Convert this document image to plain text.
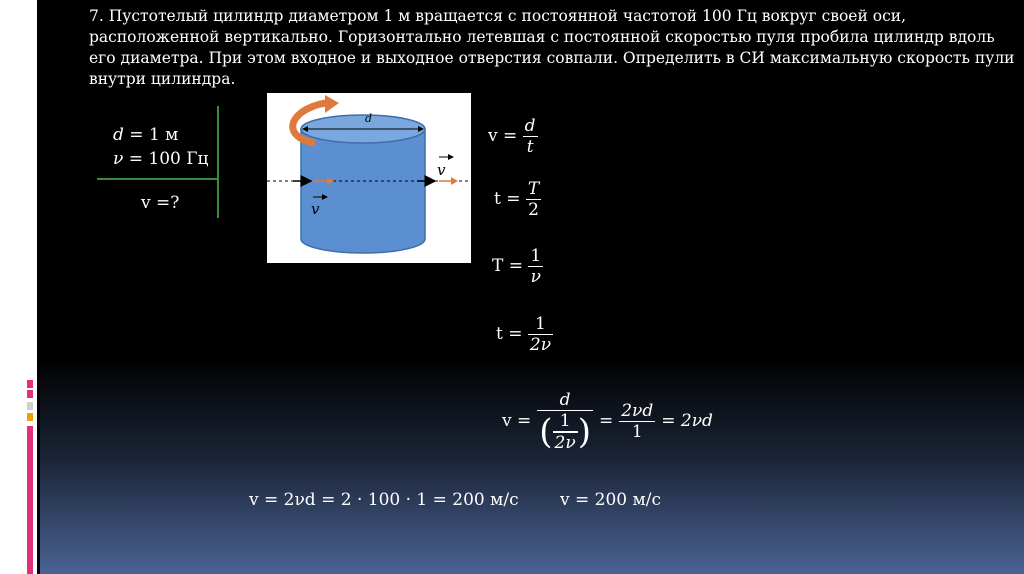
7. Пустотелый цилиндр диаметром 1 м вращается с постоянной частотой 100 Гц вокруг своей оси, расположенной вертикально. Горизонтально летевшая с постоянной скоростью пуля пробила цилиндр вдоль его диаметра. При этом входное и выходное отверстия совпали. Определить в СИ максимальную скорость пули внутри цилиндра.
d = 1 м
ν = 100 Гц
v =?
d
v
v
$v = \frac{d}{t}$
$t = \frac{T}{2}$
$T = \frac{1}{\nu}$
$t = \frac{1}{2\nu}$
v =
d
( $\frac{1}{2\nu}$ ) = $\frac{2\nu d}{1} = 2\nu d$
v = 2νd = 2 · 100 · 1 = 200 м/с v = 200 м/с
